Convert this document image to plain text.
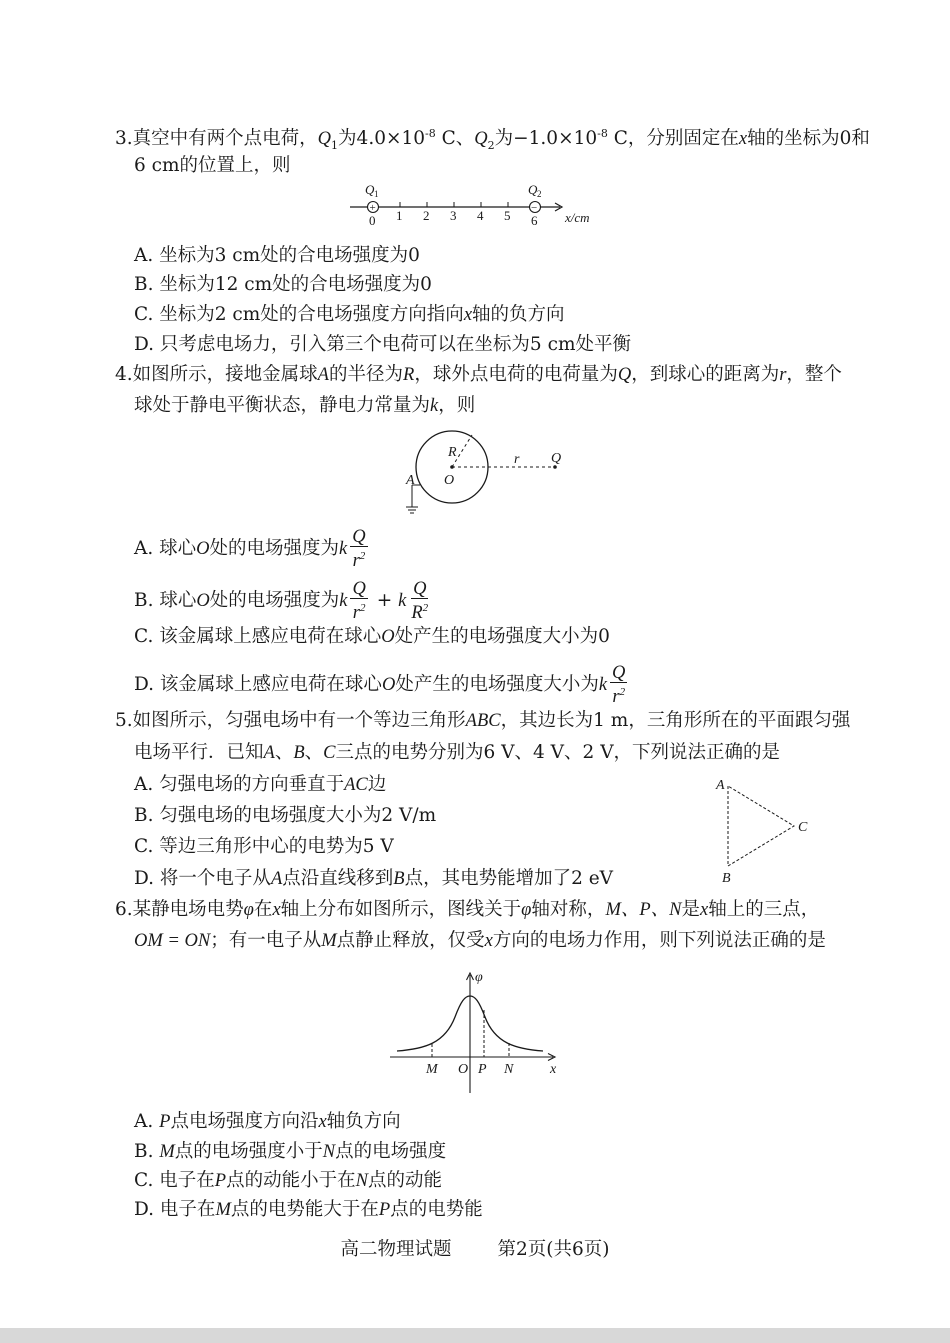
3.真空中有两个点电荷，$Q_1$为$4.0\times 10^{-8}$ C、$Q_2$为$-1.0\times 10^{-8}$ C，分别固定在x轴的坐标为0和
6 cm的位置上，则
0 1 2 3 4 5 6
+
Q 1
−
Q 2
x/cm
A. 坐标为3 cm处的合电场强度为0
B. 坐标为12 cm处的合电场强度为0
C. 坐标为2 cm处的合电场强度方向指向x轴的负方向
D. 只考虑电场力，引入第三个电荷可以在坐标为5 cm处平衡
4.如图所示，接地金属球A的半径为R，球外点电荷的电荷量为Q，到球心的距离为r，整个
球处于静电平衡状态，静电力常量为k，则
R
O
r Q
A
A. 球心O处的电场强度为k $\frac{Q}{r^2}$
B. 球心O处的电场强度为k $\frac{Q}{r^2} + k \frac{Q}{R^2}$
C. 该金属球上感应电荷在球心O处产生的电场强度大小为0
D. 该金属球上感应电荷在球心O处产生的电场强度大小为k $\frac{Q}{r^2}$
5.如图所示，匀强电场中有一个等边三角形ABC，其边长为1 m，三角形所在的平面跟匀强
电场平行．已知A、B、C三点的电势分别为6 V、4 V、2 V，下列说法正确的是
A. 匀强电场的方向垂直于AC边
B. 匀强电场的电场强度大小为2 V/m
C. 等边三角形中心的电势为5 V
D. 将一个电子从A点沿直线移到B点，其电势能增加了2 eV
A
B
C
6.某静电场电势φ在x轴上分布如图所示，图线关于φ轴对称，M、P、N是x轴上的三点，
OM = ON；有一电子从M点静止释放，仅受x方向的电场力作用，则下列说法正确的是
φ
M O P N	x
A. P点电场强度方向沿x轴负方向
B. M点的电场强度小于N点的电场强度
C. 电子在P点的动能小于在N点的动能
D. 电子在M点的电势能大于在P点的电势能
高二物理试题 第2页(共6页)
